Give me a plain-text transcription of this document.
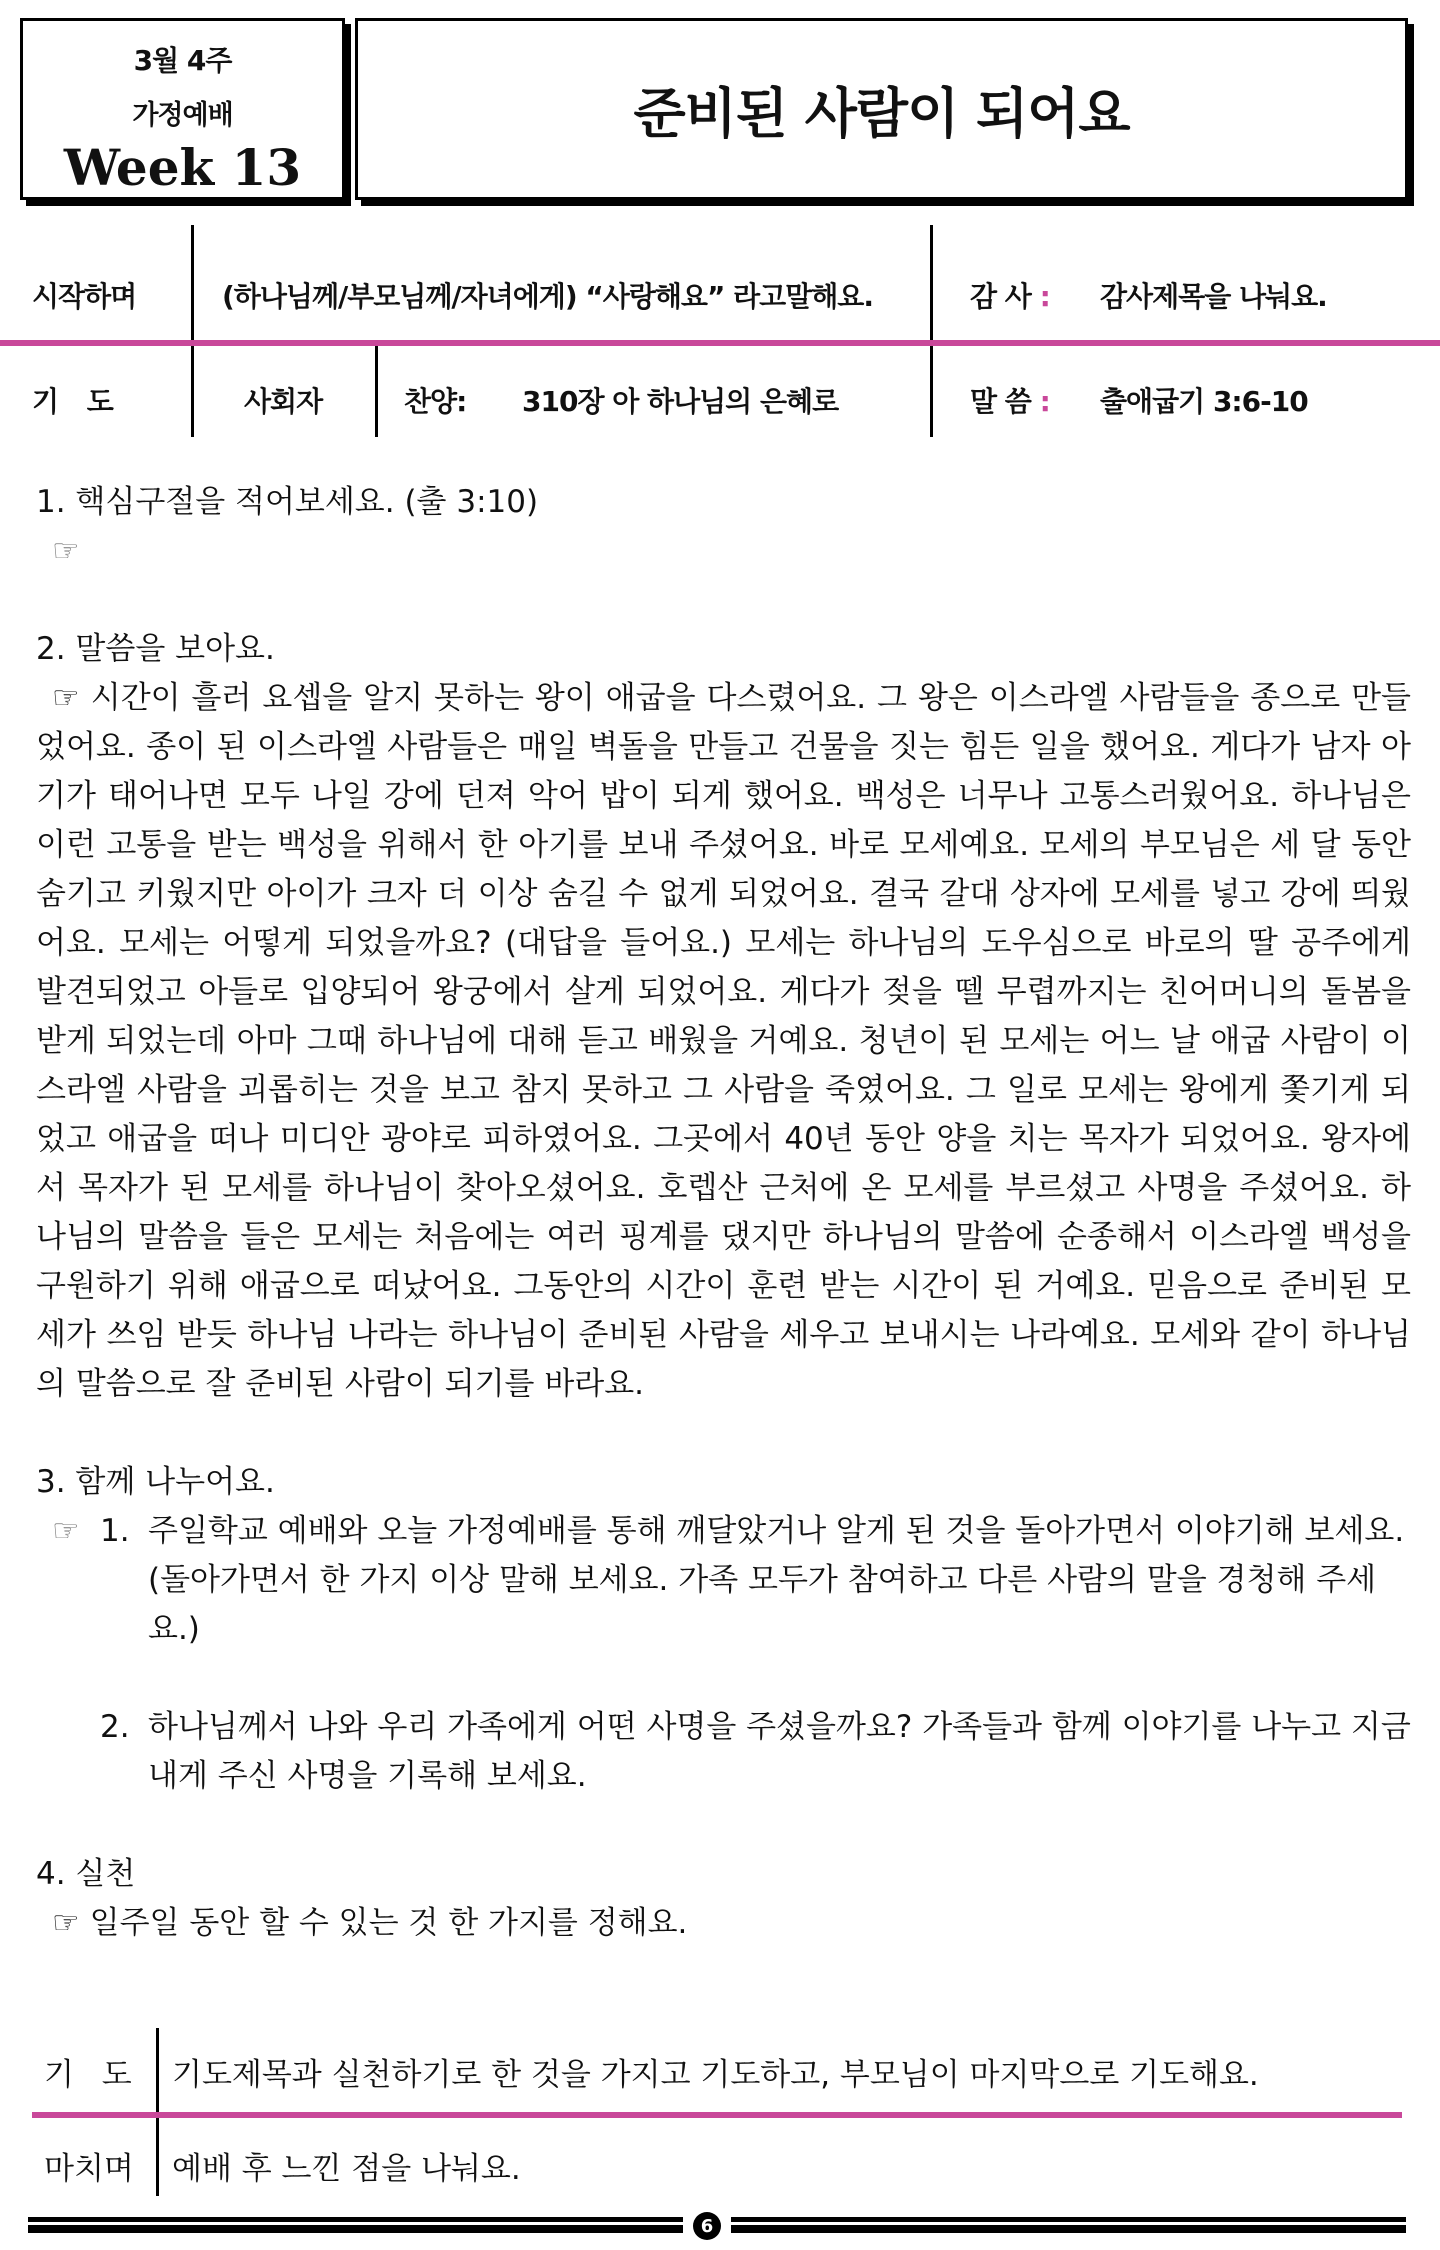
3월 4주
가정예배
Week 13
준비된 사람이 되어요
시작하며	(하나님께/부모님께/자녀에게) “사랑해요” 라고말해요.	감 사 : 감사제목을 나눠요.
기 도	사회자	찬양: 310장 아 하나님의 은혜로	말 씀 : 출애굽기 3:6-10
1. 핵심구절을 적어보세요. (출 3:10)
☞
2. 말씀을 보아요.
☞ 시간이 흘러 요셉을 알지 못하는 왕이 애굽을 다스렸어요. 그 왕은 이스라엘 사람들을 종으로 만들었어요. 종이 된 이스라엘 사람들은 매일 벽돌을 만들고 건물을 짓는 힘든 일을 했어요. 게다가 남자 아기가 태어나면 모두 나일 강에 던져 악어 밥이 되게 했어요. 백성은 너무나 고통스러웠어요. 하나님은 이런 고통을 받는 백성을 위해서 한 아기를 보내 주셨어요. 바로 모세예요. 모세의 부모님은 세 달 동안 숨기고 키웠지만 아이가 크자 더 이상 숨길 수 없게 되었어요. 결국 갈대 상자에 모세를 넣고 강에 띄웠어요. 모세는 어떻게 되었을까요? (대답을 들어요.) 모세는 하나님의 도우심으로 바로의 딸 공주에게 발견되었고 아들로 입양되어 왕궁에서 살게 되었어요. 게다가 젖을 뗄 무렵까지는 친어머니의 돌봄을 받게 되었는데 아마 그때 하나님에 대해 듣고 배웠을 거예요. 청년이 된 모세는 어느 날 애굽 사람이 이스라엘 사람을 괴롭히는 것을 보고 참지 못하고 그 사람을 죽였어요. 그 일로 모세는 왕에게 쫓기게 되었고 애굽을 떠나 미디안 광야로 피하였어요. 그곳에서 40년 동안 양을 치는 목자가 되었어요. 왕자에서 목자가 된 모세를 하나님이 찾아오셨어요. 호렙산 근처에 온 모세를 부르셨고 사명을 주셨어요. 하나님의 말씀을 들은 모세는 처음에는 여러 핑계를 댔지만 하나님의 말씀에 순종해서 이스라엘 백성을 구원하기 위해 애굽으로 떠났어요. 그동안의 시간이 훈련 받는 시간이 된 거예요. 믿음으로 준비된 모세가 쓰임 받듯 하나님 나라는 하나님이 준비된 사람을 세우고 보내시는 나라예요. 모세와 같이 하나님의 말씀으로 잘 준비된 사람이 되기를 바라요.
3. 함께 나누어요.
☞ 1. 주일학교 예배와 오늘 가정예배를 통해 깨달았거나 알게 된 것을 돌아가면서 이야기해 보세요. (돌아가면서 한 가지 이상 말해 보세요. 가족 모두가 참여하고 다른 사람의 말을 경청해 주세요.)
2. 하나님께서 나와 우리 가족에게 어떤 사명을 주셨을까요? 가족들과 함께 이야기를 나누고 지금 내게 주신 사명을 기록해 보세요.
4. 실천
☞ 일주일 동안 할 수 있는 것 한 가지를 정해요.
기 도 기도제목과 실천하기로 한 것을 가지고 기도하고, 부모님이 마지막으로 기도해요.
마치며 예배 후 느낀 점을 나눠요.
6
